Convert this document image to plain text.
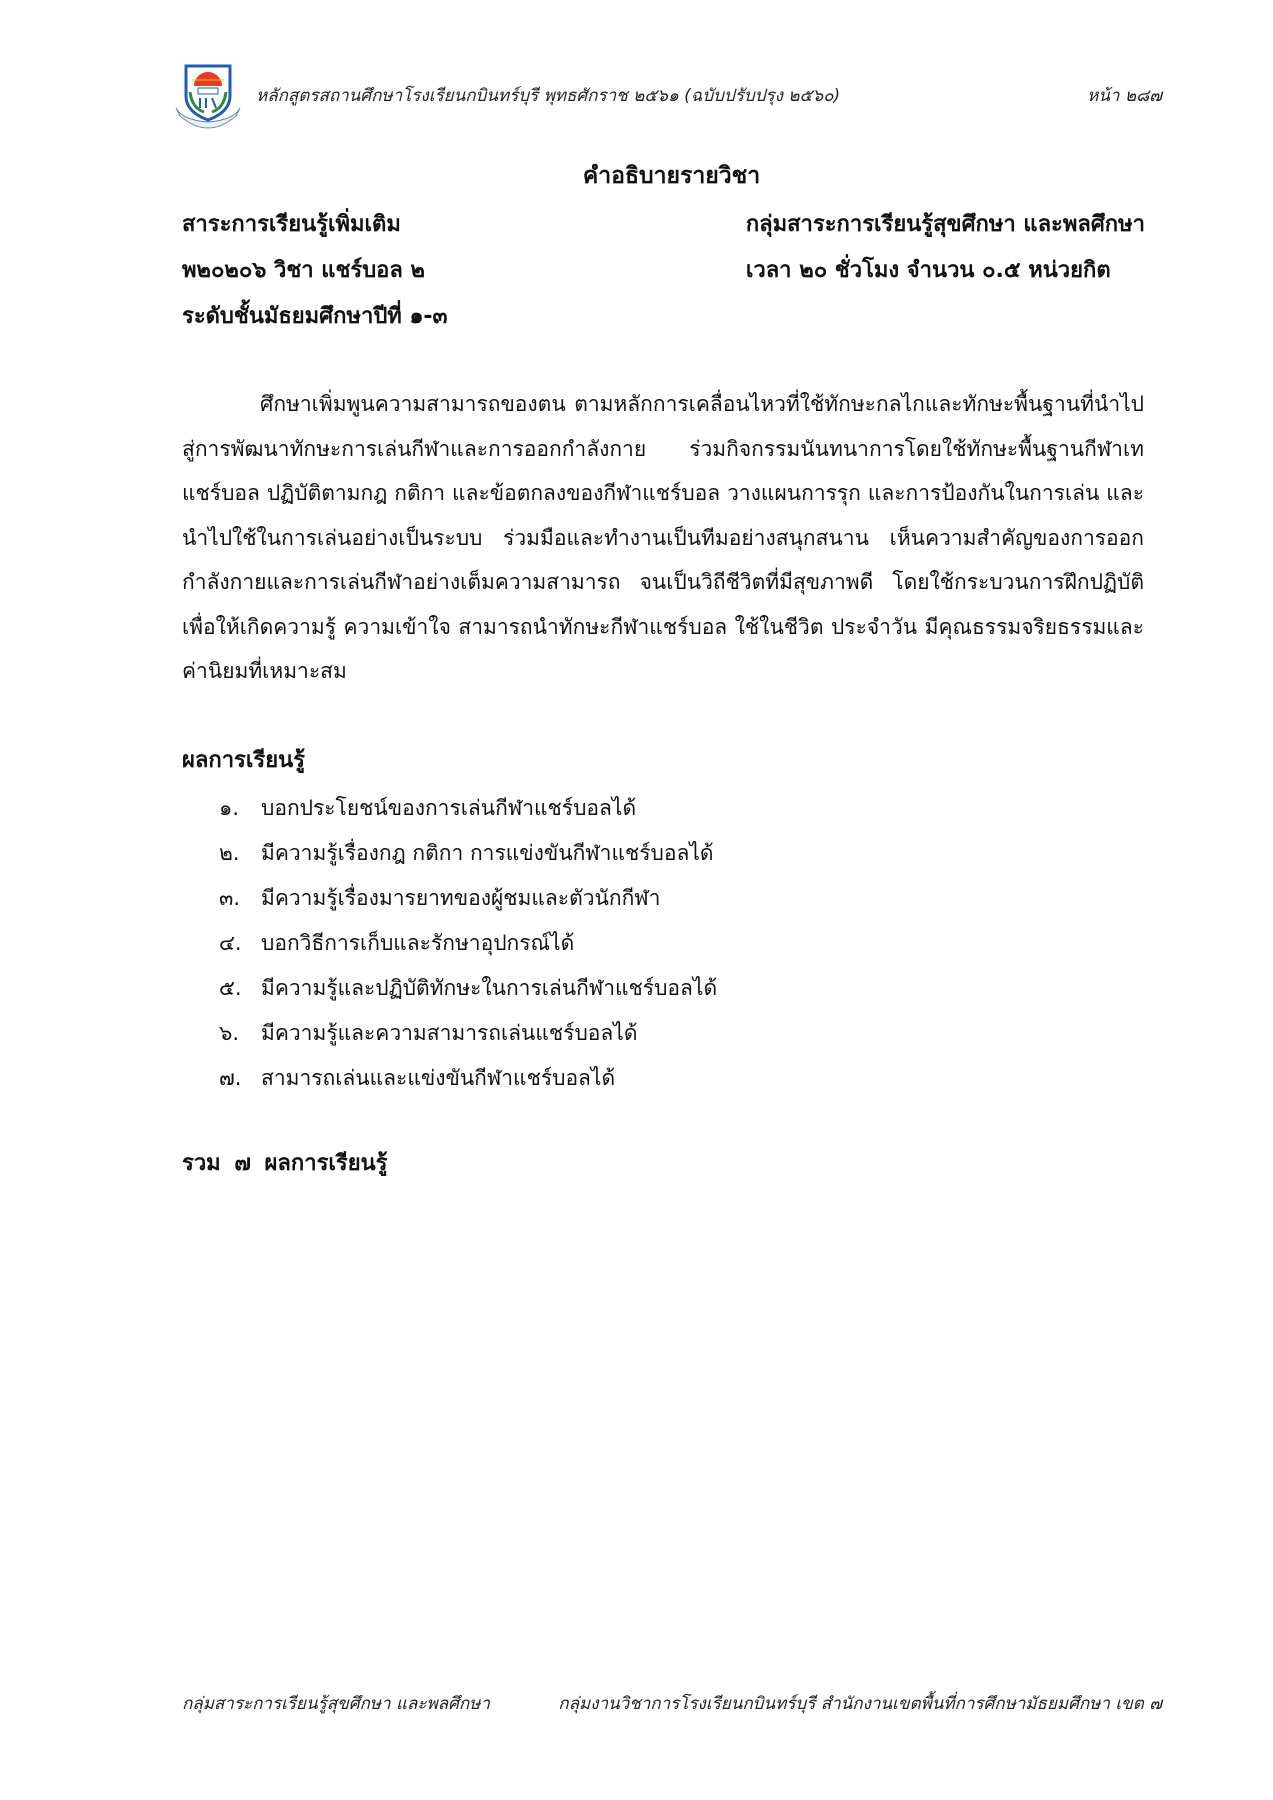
หลักสูตรสถานศึกษาโรงเรียนกบินทร์บุรี พุทธศักราช ๒๕๖๑ (ฉบับปรับปรุง ๒๕๖๐)	หน้า ๒๘๗
คำอธิบายรายวิชา
สาระการเรียนรู้เพิ่มเติม
พ๒๐๒๐๖ วิชา แชร์บอล ๒
ระดับชั้นมัธยมศึกษาปีที่ ๑-๓
กลุ่มสาระการเรียนรู้สุขศึกษา และพลศึกษา
เวลา ๒๐ ชั่วโมง จำนวน ๐.๕ หน่วยกิต
ศึกษาเพิ่มพูนความสามารถของตน ตามหลักการเคลื่อนไหวที่ใช้ทักษะกลไกและทักษะพื้นฐานที่นำไปสู่การพัฒนาทักษะการเล่นกีฬาและการออกกำลังกาย ร่วมกิจกรรมนันทนาการโดยใช้ทักษะพื้นฐานกีฬาเทแชร์บอล ปฏิบัติตามกฎ กติกา และข้อตกลงของกีฬาแชร์บอล วางแผนการรุก และการป้องกันในการเล่น และ นำไปใช้ในการเล่นอย่างเป็นระบบ ร่วมมือและทำงานเป็นทีมอย่างสนุกสนาน เห็นความสำคัญของการออกกำลังกายและการเล่นกีฬาอย่างเต็มความสามารถ จนเป็นวิถีชีวิตที่มีสุขภาพดี โดยใช้กระบวนการฝึกปฏิบัติ เพื่อให้เกิดความรู้ ความเข้าใจ สามารถนำทักษะกีฬาแชร์บอล ใช้ในชีวิต ประจำวัน มีคุณธรรมจริยธรรมและค่านิยมที่เหมาะสม
ผลการเรียนรู้
๑.	บอกประโยชน์ของการเล่นกีฬาแชร์บอลได้
๒.	มีความรู้เรื่องกฎ กติกา การแข่งขันกีฬาแชร์บอลได้
๓. มีความรู้เรื่องมารยาทของผู้ชมและตัวนักกีฬา
๔. บอกวิธีการเก็บและรักษาอุปกรณ์ได้
๕. มีความรู้และปฏิบัติทักษะในการเล่นกีฬาแชร์บอลได้
๖.	มีความรู้และความสามารถเล่นแชร์บอลได้
๗. สามารถเล่นและแข่งขันกีฬาแชร์บอลได้
รวม ๗ ผลการเรียนรู้
กลุ่มสาระการเรียนรู้สุขศึกษา และพลศึกษา	กลุ่มงานวิชาการโรงเรียนกบินทร์บุรี สำนักงานเขตพื้นที่การศึกษามัธยมศึกษา เขต ๗
